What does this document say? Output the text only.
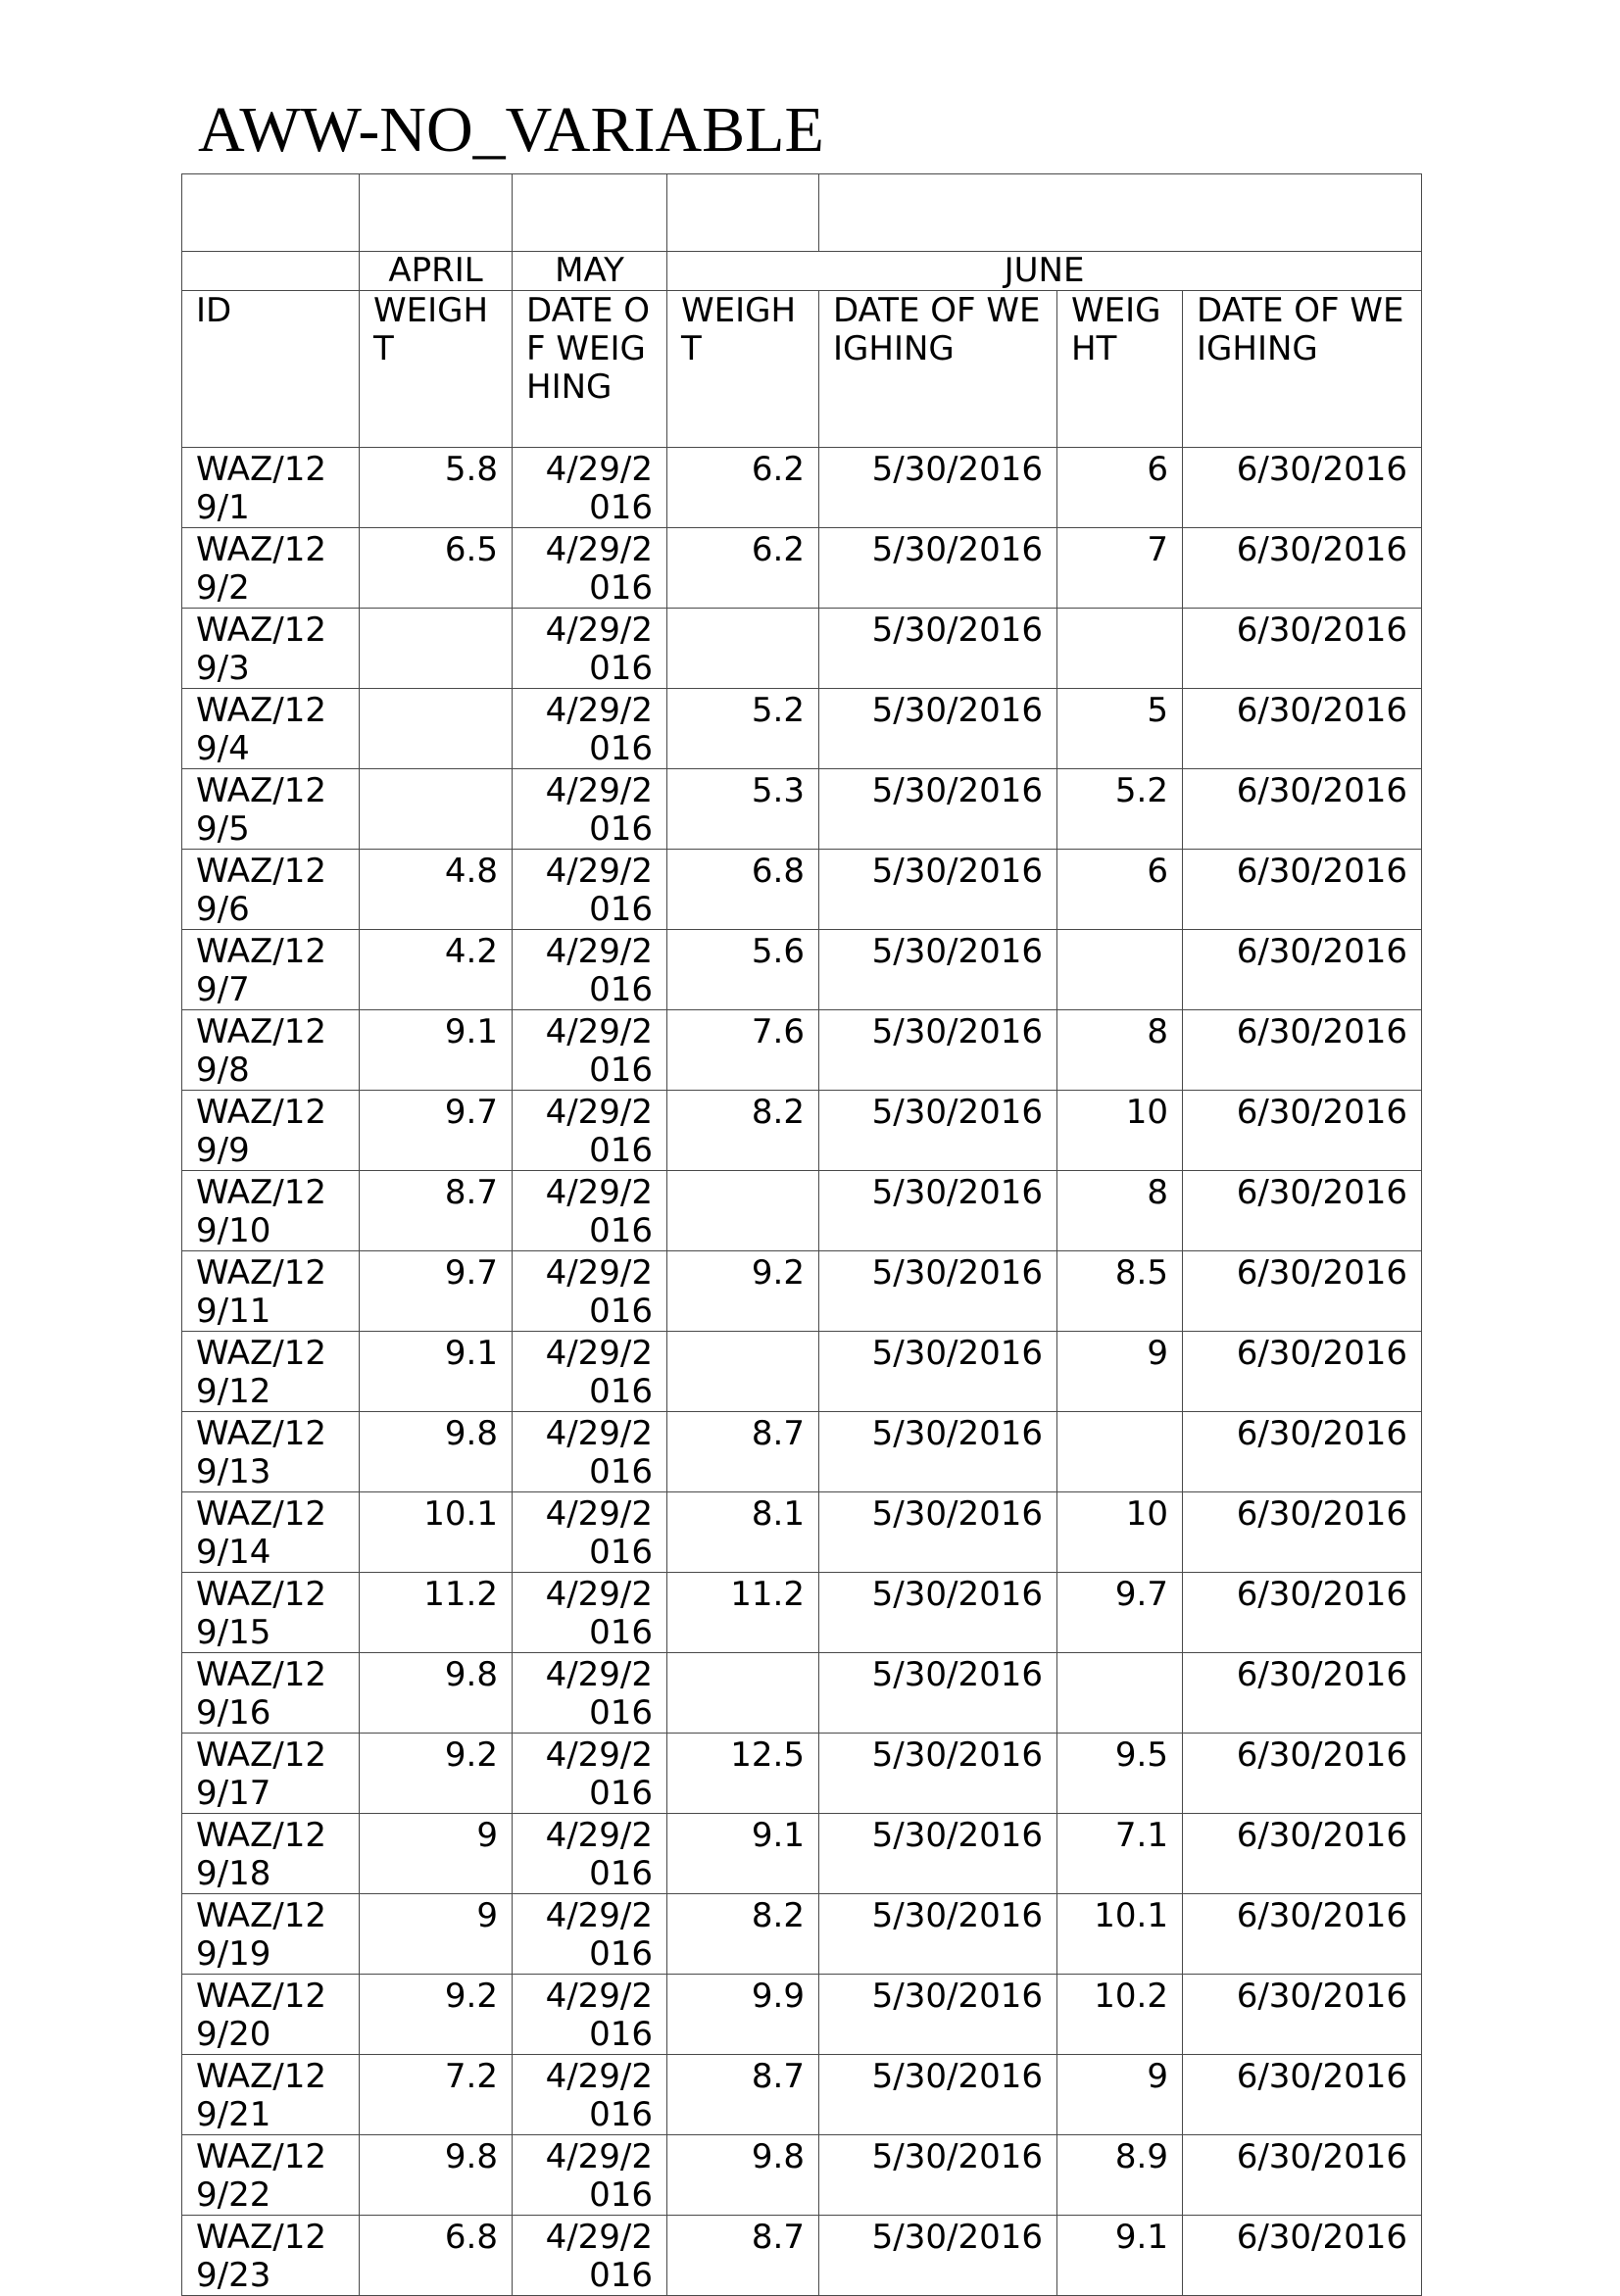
AWW-NO_VARIABLE

	APRIL	MAY	JUNE			
ID	WEIGHT	DATE OF WEIGHING	WEIGHT	DATE OF WEIGHING	WEIGHT	DATE OF WEIGHING
WAZ/129/1	5.8	4/29/2016	6.2	5/30/2016	6	6/30/2016
WAZ/129/2	6.5	4/29/2016	6.2	5/30/2016	7	6/30/2016
WAZ/129/3		4/29/2016		5/30/2016		6/30/2016
WAZ/129/4		4/29/2016	5.2	5/30/2016	5	6/30/2016
WAZ/129/5		4/29/2016	5.3	5/30/2016	5.2	6/30/2016
WAZ/129/6	4.8	4/29/2016	6.8	5/30/2016	6	6/30/2016
WAZ/129/7	4.2	4/29/2016	5.6	5/30/2016		6/30/2016
WAZ/129/8	9.1	4/29/2016	7.6	5/30/2016	8	6/30/2016
WAZ/129/9	9.7	4/29/2016	8.2	5/30/2016	10	6/30/2016
WAZ/129/10	8.7	4/29/2016		5/30/2016	8	6/30/2016
WAZ/129/11	9.7	4/29/2016	9.2	5/30/2016	8.5	6/30/2016
WAZ/129/12	9.1	4/29/2016		5/30/2016	9	6/30/2016
WAZ/129/13	9.8	4/29/2016	8.7	5/30/2016		6/30/2016
WAZ/129/14	10.1	4/29/2016	8.1	5/30/2016	10	6/30/2016
WAZ/129/15	11.2	4/29/2016	11.2	5/30/2016	9.7	6/30/2016
WAZ/129/16	9.8	4/29/2016		5/30/2016		6/30/2016
WAZ/129/17	9.2	4/29/2016	12.5	5/30/2016	9.5	6/30/2016
WAZ/129/18	9	4/29/2016	9.1	5/30/2016	7.1	6/30/2016
WAZ/129/19	9	4/29/2016	8.2	5/30/2016	10.1	6/30/2016
WAZ/129/20	9.2	4/29/2016	9.9	5/30/2016	10.2	6/30/2016
WAZ/129/21	7.2	4/29/2016	8.7	5/30/2016	9	6/30/2016
WAZ/129/22	9.8	4/29/2016	9.8	5/30/2016	8.9	6/30/2016
WAZ/129/23	6.8	4/29/2016	8.7	5/30/2016	9.1	6/30/2016
